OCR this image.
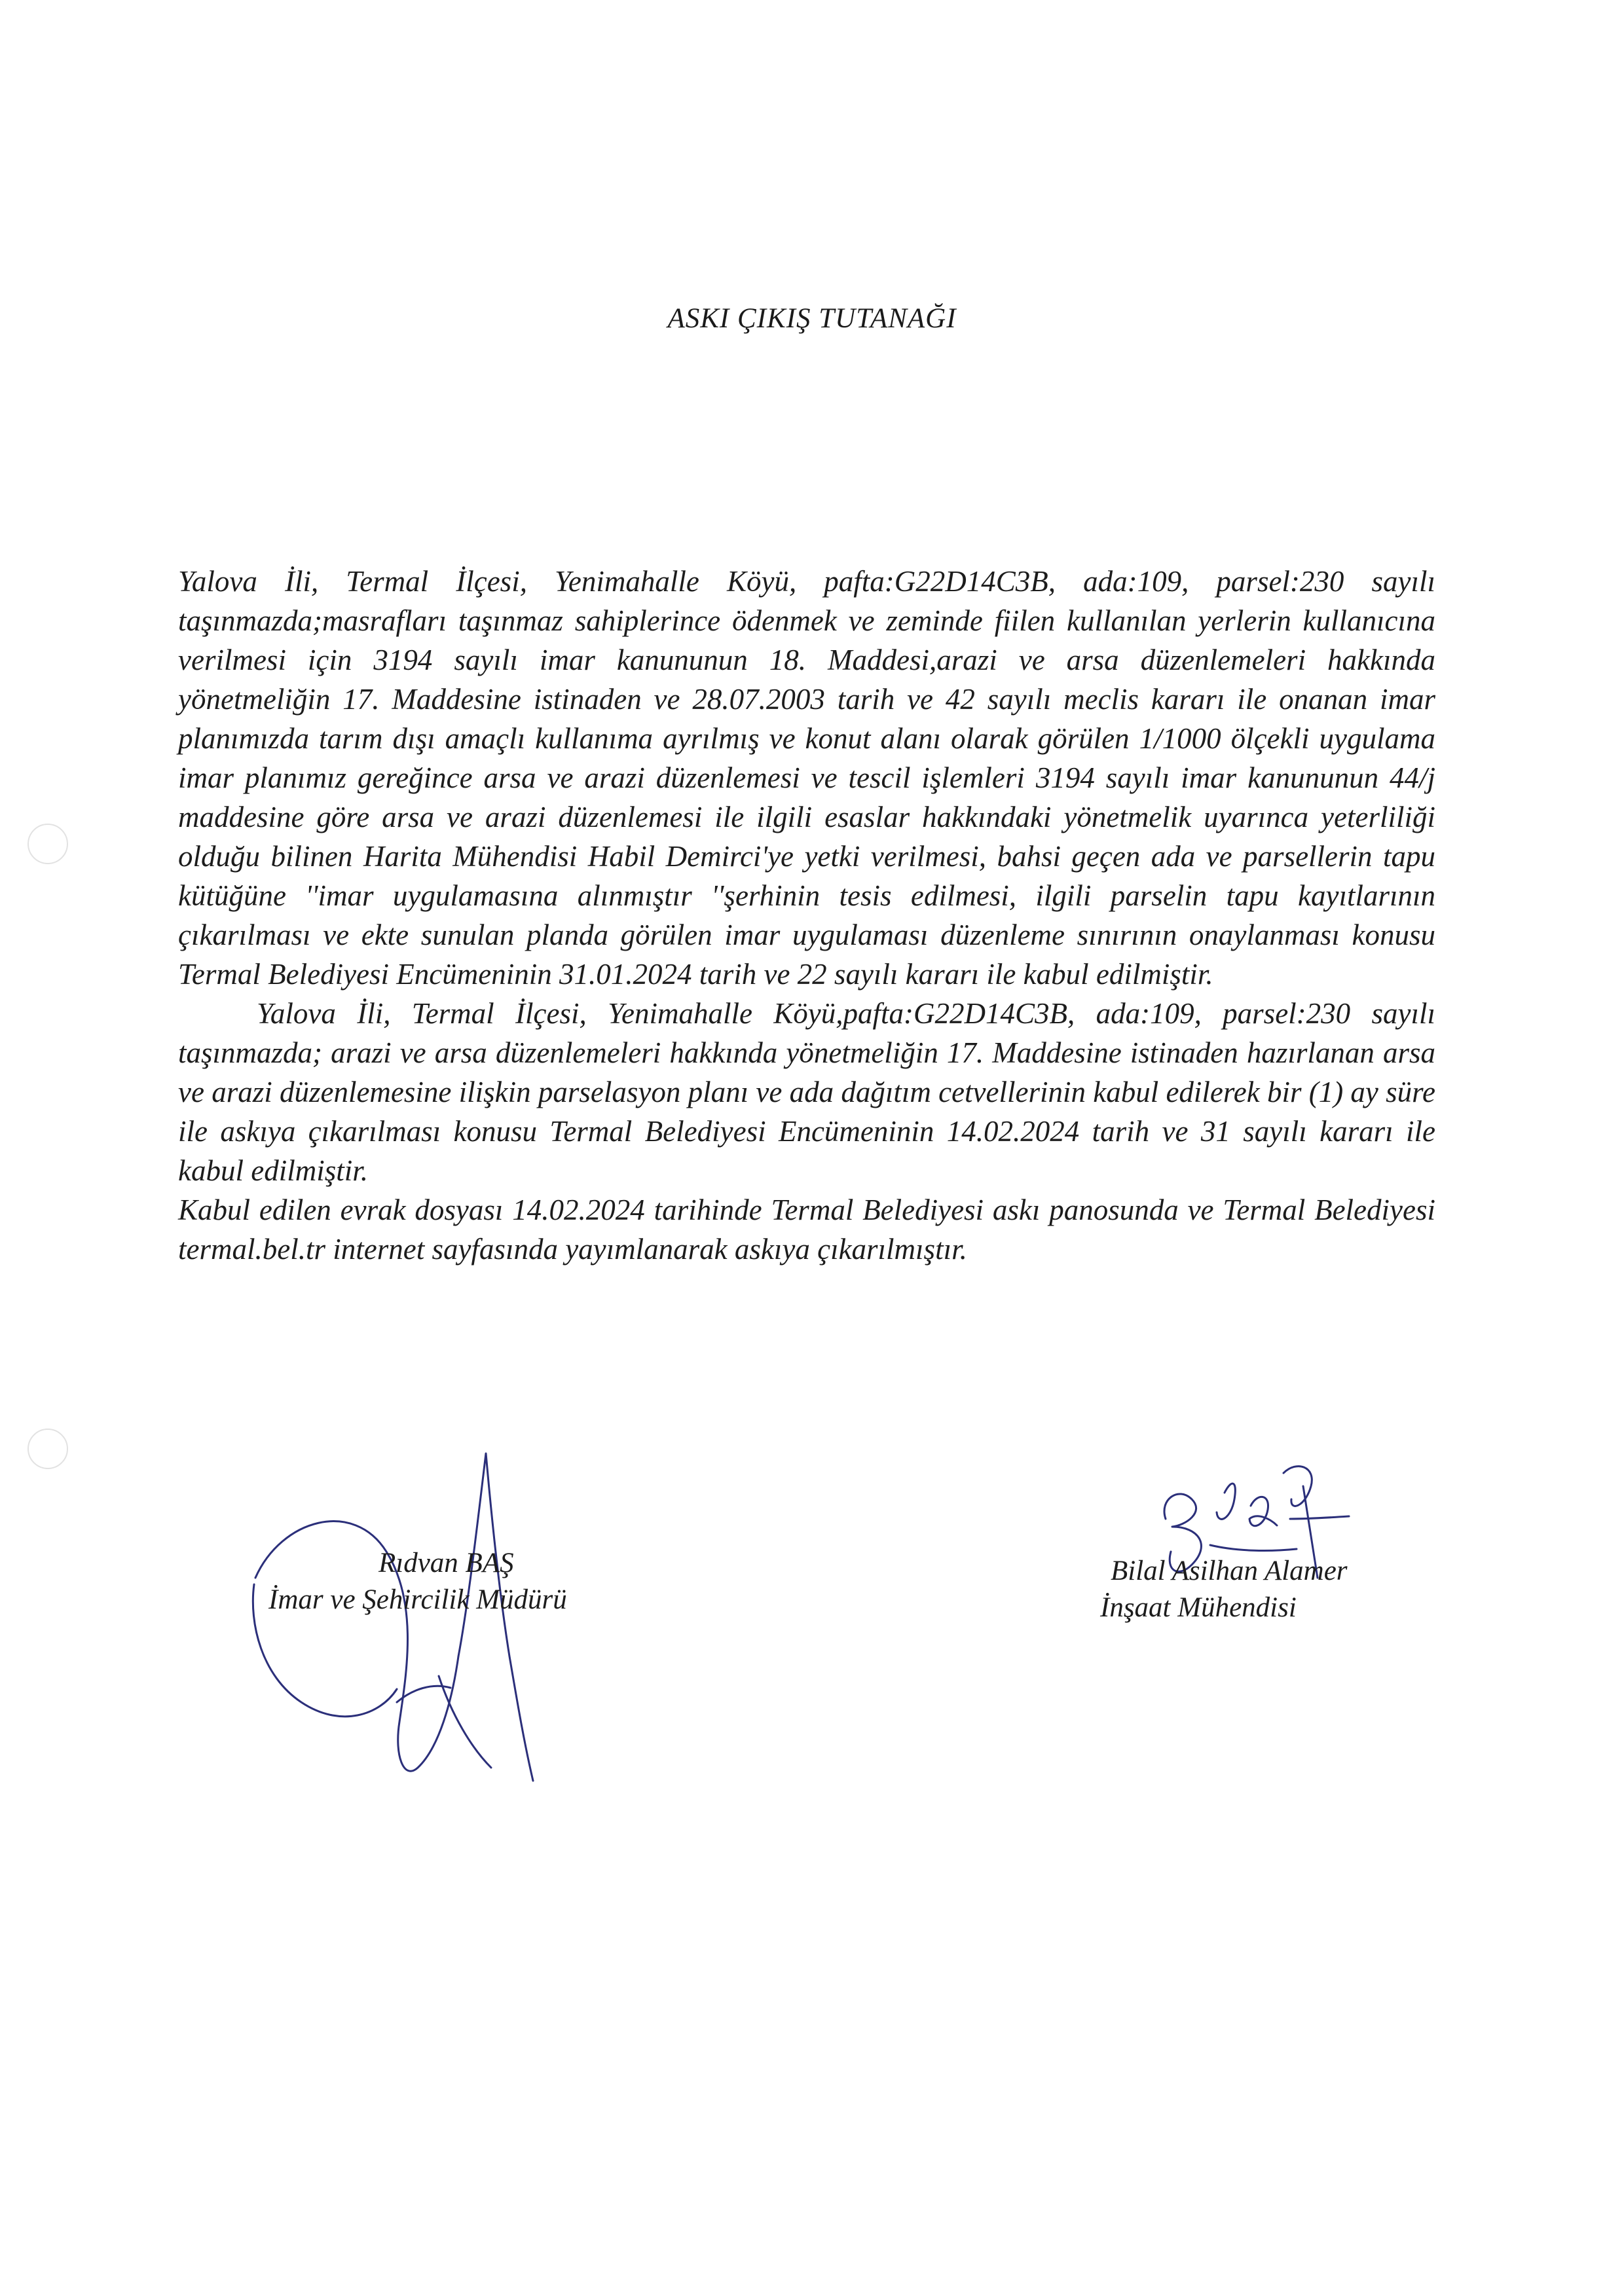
ASKI ÇIKIŞ TUTANAĞI

Yalova İli, Termal İlçesi, Yenimahalle Köyü, pafta:G22D14C3B, ada:109, parsel:230 sayılı taşınmazda;masrafları taşınmaz sahiplerince ödenmek ve zeminde fiilen kullanılan yerlerin kullanıcına verilmesi için 3194 sayılı imar kanununun 18. Maddesi,arazi ve arsa düzenlemeleri hakkında yönetmeliğin 17. Maddesine istinaden ve 28.07.2003 tarih ve 42 sayılı meclis kararı ile onanan imar planımızda tarım dışı amaçlı kullanıma ayrılmış ve konut alanı olarak görülen 1/1000 ölçekli uygulama imar planımız gereğince arsa ve arazi düzenlemesi ve tescil işlemleri 3194 sayılı imar kanununun 44/j maddesine göre arsa ve arazi düzenlemesi ile ilgili esaslar hakkındaki yönetmelik uyarınca yeterliliği olduğu bilinen Harita Mühendisi Habil Demirci'ye yetki verilmesi, bahsi geçen ada ve parsellerin tapu kütüğüne ''imar uygulamasına alınmıştır ''şerhinin tesis edilmesi, ilgili parselin tapu kayıtlarının çıkarılması ve ekte sunulan planda görülen imar uygulaması düzenleme sınırının onaylanması konusu Termal Belediyesi Encümeninin 31.01.2024 tarih ve 22 sayılı kararı ile kabul edilmiştir.

Yalova İli, Termal İlçesi, Yenimahalle Köyü,pafta:G22D14C3B, ada:109, parsel:230 sayılı taşınmazda; arazi ve arsa düzenlemeleri hakkında yönetmeliğin 17. Maddesine istinaden hazırlanan arsa ve arazi düzenlemesine ilişkin parselasyon planı ve ada dağıtım cetvellerinin kabul edilerek bir (1) ay süre ile askıya çıkarılması konusu Termal Belediyesi Encümeninin 14.02.2024 tarih ve 31 sayılı kararı ile kabul edilmiştir.

Kabul edilen evrak dosyası 14.02.2024 tarihinde Termal Belediyesi askı panosunda ve Termal Belediyesi termal.bel.tr internet sayfasında yayımlanarak askıya çıkarılmıştır.

Rıdvan BAŞ
İmar ve Şehircilik Müdürü
Bilal Asilhan Alamer
İnşaat Mühendisi
